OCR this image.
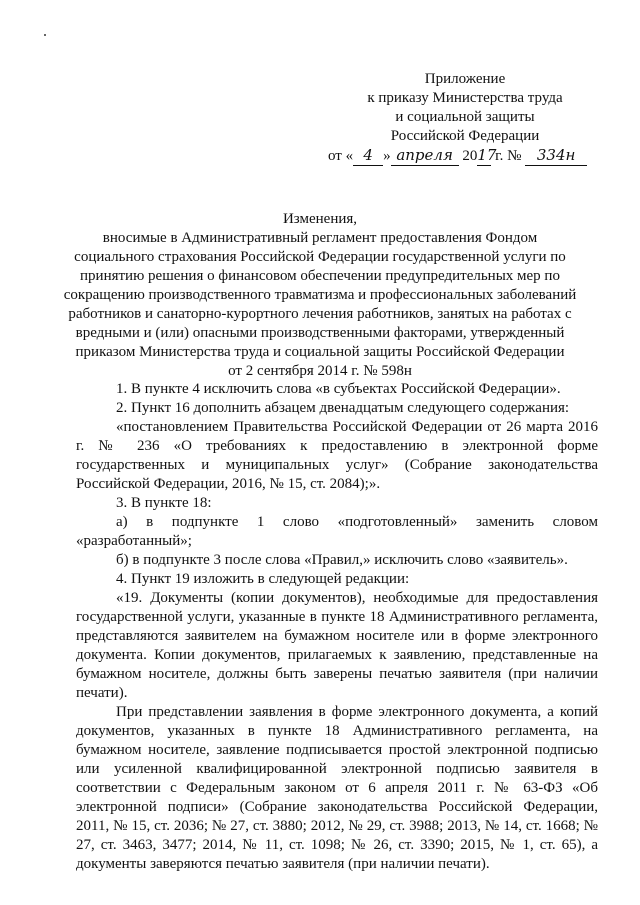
Приложение
к приказу Министерства труда
и социальной защиты
Российской Федерации
от « 4 » апреля 2017 г. № 334н
Изменения,
вносимые в Административный регламент предоставления Фондом
социального страхования Российской Федерации государственной услуги по
принятию решения о финансовом обеспечении предупредительных мер по
сокращению производственного травматизма и профессиональных заболеваний
работников и санаторно-курортного лечения работников, занятых на работах с
вредными и (или) опасными производственными факторами, утвержденный
приказом Министерства труда и социальной защиты Российской Федерации
от 2 сентября 2014 г. № 598н

1. В пункте 4 исключить слова «в субъектах Российской Федерации».

2. Пункт 16 дополнить абзацем двенадцатым следующего содержания:

«постановлением Правительства Российской Федерации от 26 марта 2016 г. № 236 «О требованиях к предоставлению в электронной форме государственных и муниципальных услуг» (Собрание законодательства Российской Федерации, 2016, № 15, ст. 2084);».

3. В пункте 18:

а) в подпункте 1 слово «подготовленный» заменить словом «разработанный»;

б) в подпункте 3 после слова «Правил,» исключить слово «заявитель».

4. Пункт 19 изложить в следующей редакции:

«19. Документы (копии документов), необходимые для предоставления государственной услуги, указанные в пункте 18 Административного регламента, представляются заявителем на бумажном носителе или в форме электронного документа. Копии документов, прилагаемых к заявлению, представленные на бумажном носителе, должны быть заверены печатью заявителя (при наличии печати).

При представлении заявления в форме электронного документа, а копий документов, указанных в пункте 18 Административного регламента, на бумажном носителе, заявление подписывается простой электронной подписью или усиленной квалифицированной электронной подписью заявителя в соответствии с Федеральным законом от 6 апреля 2011 г. № 63-ФЗ «Об электронной подписи» (Собрание законодательства Российской Федерации, 2011, № 15, ст. 2036; № 27, ст. 3880; 2012, № 29, ст. 3988; 2013, № 14, ст. 1668; № 27, ст. 3463, 3477; 2014, № 11, ст. 1098; № 26, ст. 3390; 2015, № 1, ст. 65), а документы заверяются печатью заявителя (при наличии печати).
